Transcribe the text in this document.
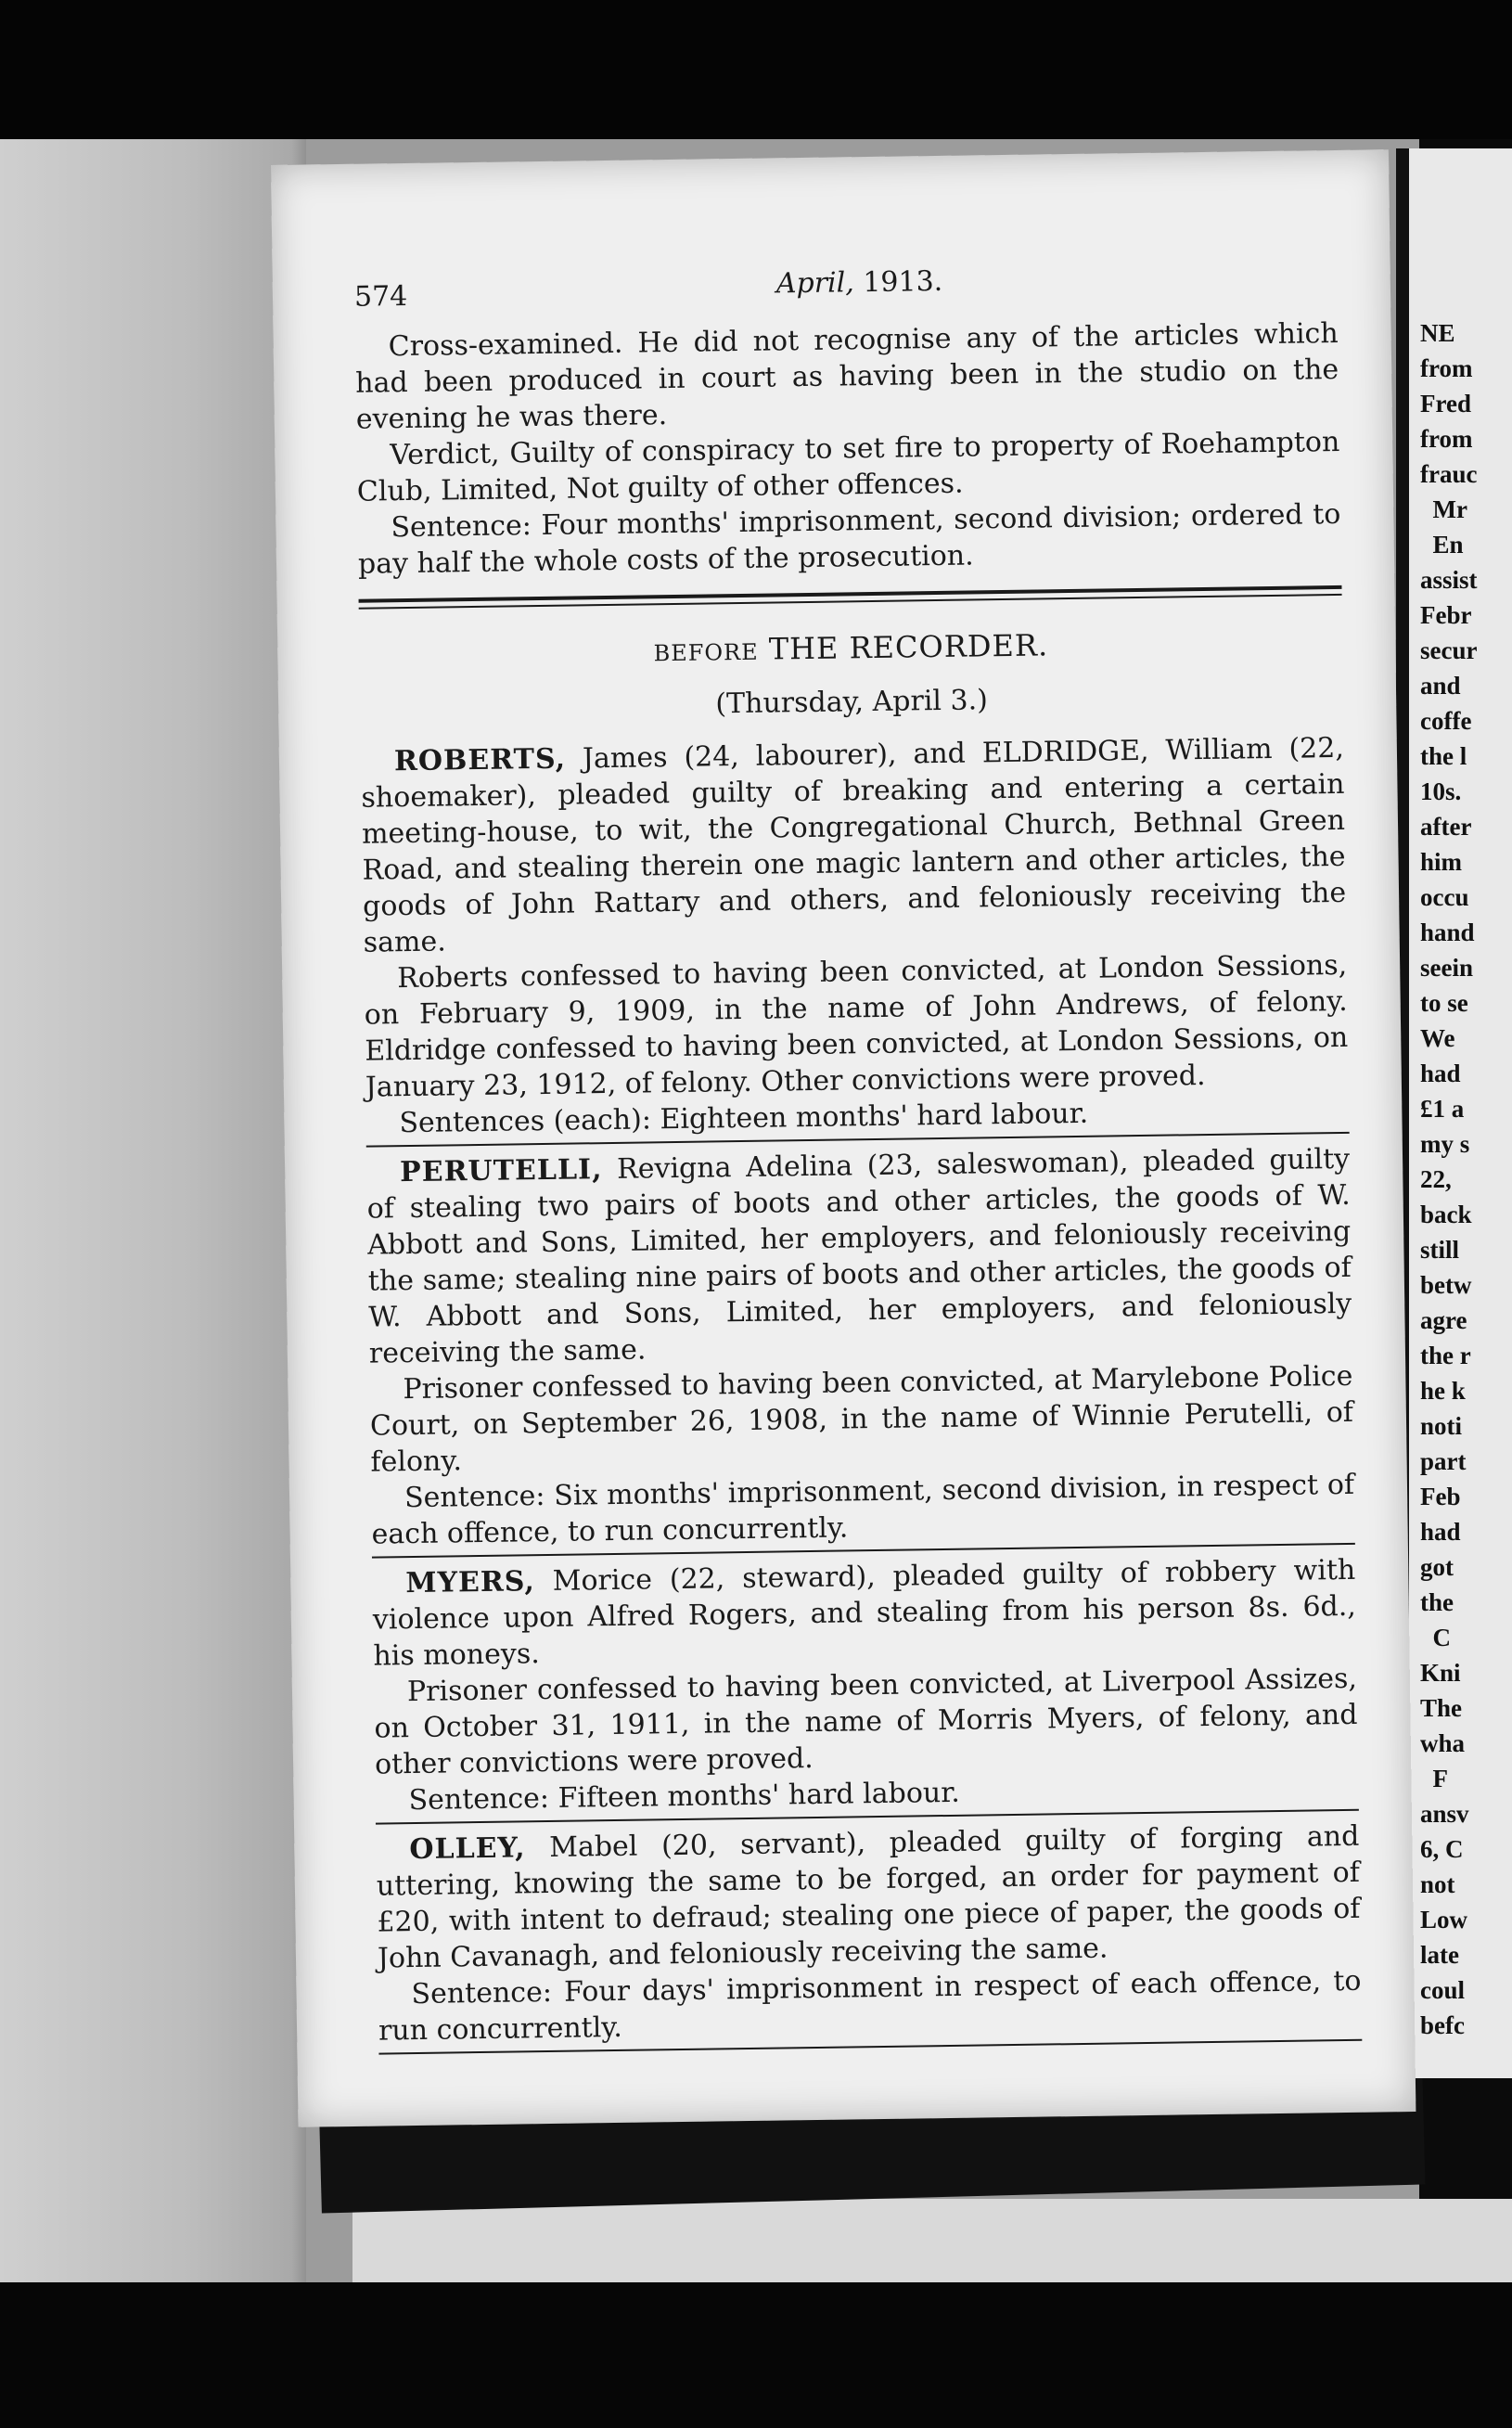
NE
from
Fred
from
frauc
Mr
En
assist
Febr
secur
and
coffe
the l
10s.
after
him
occu
hand
seein
to se
We
had
£1 a
my s
22,
back
still
betw
agre
the r
he k
noti
part
Feb
had
got
the
C
Kni
The
wha
F
ansv
6, C
not
Low
late
coul
befc
574	April, 1913.

Cross-examined. He did not recognise any of the articles which had been produced in court as having been in the studio on the evening he was there.

Verdict, Guilty of conspiracy to set fire to property of Roehampton Club, Limited, Not guilty of other offences.

Sentence: Four months' imprisonment, second division; ordered to pay half the whole costs of the prosecution.

BEFORE THE RECORDER.
(Thursday, April 3.)

ROBERTS, James (24, labourer), and ELDRIDGE, William (22, shoemaker), pleaded guilty of breaking and entering a certain meeting-house, to wit, the Congregational Church, Bethnal Green Road, and stealing therein one magic lantern and other articles, the goods of John Rattary and others, and feloniously receiving the same.

Roberts confessed to having been convicted, at London Sessions, on February 9, 1909, in the name of John Andrews, of felony. Eldridge confessed to having been convicted, at London Sessions, on January 23, 1912, of felony. Other convictions were proved.

Sentences (each): Eighteen months' hard labour.

PERUTELLI, Revigna Adelina (23, saleswoman), pleaded guilty of stealing two pairs of boots and other articles, the goods of W. Abbott and Sons, Limited, her employers, and feloniously receiving the same; stealing nine pairs of boots and other articles, the goods of W. Abbott and Sons, Limited, her employers, and feloniously receiving the same.

Prisoner confessed to having been convicted, at Marylebone Police Court, on September 26, 1908, in the name of Winnie Perutelli, of felony.

Sentence: Six months' imprisonment, second division, in respect of each offence, to run concurrently.

MYERS, Morice (22, steward), pleaded guilty of robbery with violence upon Alfred Rogers, and stealing from his person 8s. 6d., his moneys.

Prisoner confessed to having been convicted, at Liverpool Assizes, on October 31, 1911, in the name of Morris Myers, of felony, and other convictions were proved.

Sentence: Fifteen months' hard labour.

OLLEY, Mabel (20, servant), pleaded guilty of forging and uttering, knowing the same to be forged, an order for payment of £20, with intent to defraud; stealing one piece of paper, the goods of John Cavanagh, and feloniously receiving the same.

Sentence: Four days' imprisonment in respect of each offence, to run concurrently.
